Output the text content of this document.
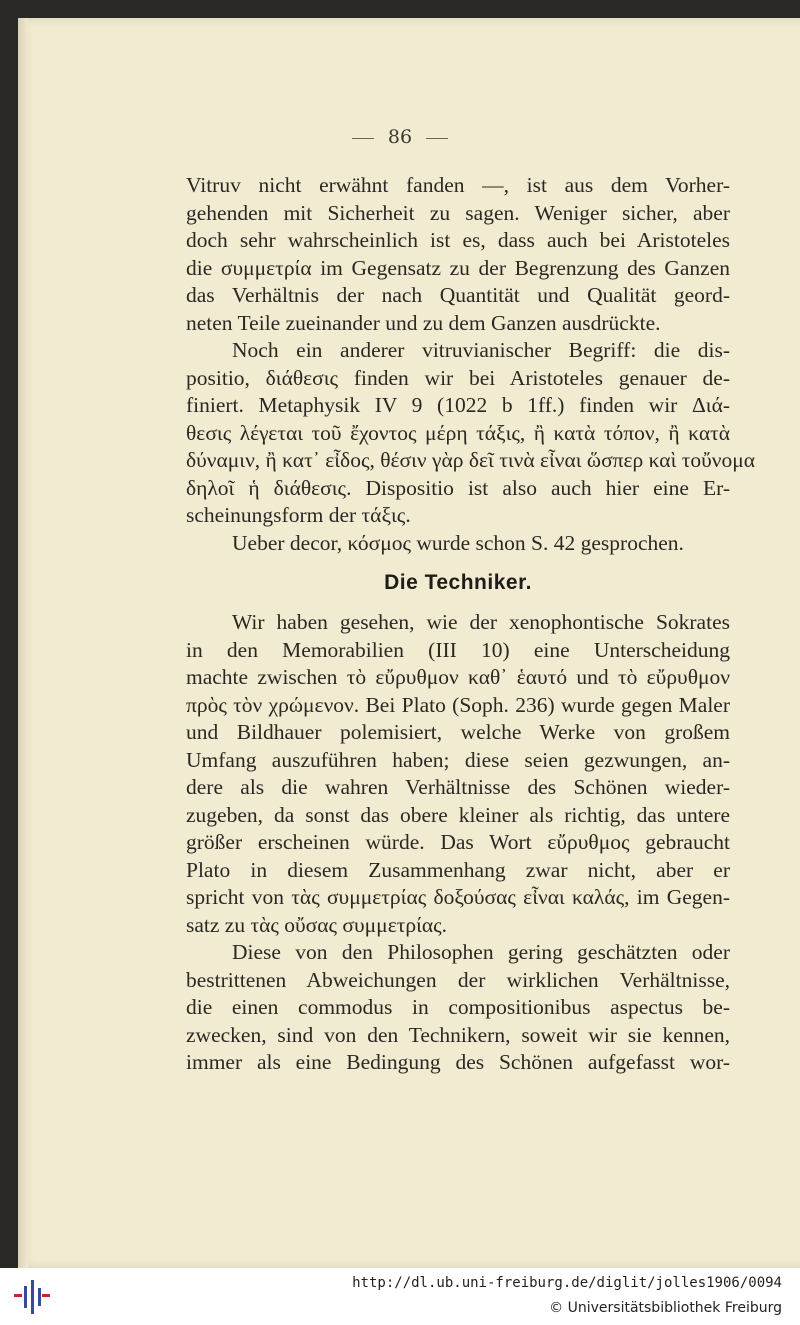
86
Vitruv nicht erwähnt fanden —, ist aus dem Vorher-
gehenden mit Sicherheit zu sagen. Weniger sicher, aber
doch sehr wahrscheinlich ist es, dass auch bei Aristoteles
die συμμετρία im Gegensatz zu der Begrenzung des Ganzen
das Verhältnis der nach Quantität und Qualität geord-
neten Teile zueinander und zu dem Ganzen ausdrückte.
Noch ein anderer vitruvianischer Begriff: die dis-
positio, διάθεσις finden wir bei Aristoteles genauer de-
finiert. Metaphysik IV 9 (1022 b 1ff.) finden wir Διά-
θεσις λέγεται τοῦ ἔχοντος μέρη τάξις, ἢ κατὰ τόπον, ἢ κατὰ
δύναμιν, ἢ κατ᾽ εἶδος, θέσιν γὰρ δεῖ τινὰ εἶναι ὥσπερ καὶ τοὔνομα
δηλοῖ ἡ διάθεσις. Dispositio ist also auch hier eine Er-
scheinungsform der τάξις.
Ueber decor, κόσμος wurde schon S. 42 gesprochen.
Die Techniker.
Wir haben gesehen, wie der xenophontische Sokrates
in den Memorabilien (III 10) eine Unterscheidung
machte zwischen τὸ εὔρυθμον καθ᾽ ἑαυτό und τὸ εὔρυθμον
πρὸς τὸν χρώμενον. Bei Plato (Soph. 236) wurde gegen Maler
und Bildhauer polemisiert, welche Werke von großem
Umfang auszuführen haben; diese seien gezwungen, an-
dere als die wahren Verhältnisse des Schönen wieder-
zugeben, da sonst das obere kleiner als richtig, das untere
größer erscheinen würde. Das Wort εὔρυθμος gebraucht
Plato in diesem Zusammenhang zwar nicht, aber er
spricht von τὰς συμμετρίας δοξούσας εἶναι καλάς, im Gegen-
satz zu τὰς οὔσας συμμετρίας.
Diese von den Philosophen gering geschätzten oder
bestrittenen Abweichungen der wirklichen Verhältnisse,
die einen commodus in compositionibus aspectus be-
zwecken, sind von den Technikern, soweit wir sie kennen,
immer als eine Bedingung des Schönen aufgefasst wor-
http://dl.ub.uni-freiburg.de/diglit/jolles1906/0094
© Universitätsbibliothek Freiburg
